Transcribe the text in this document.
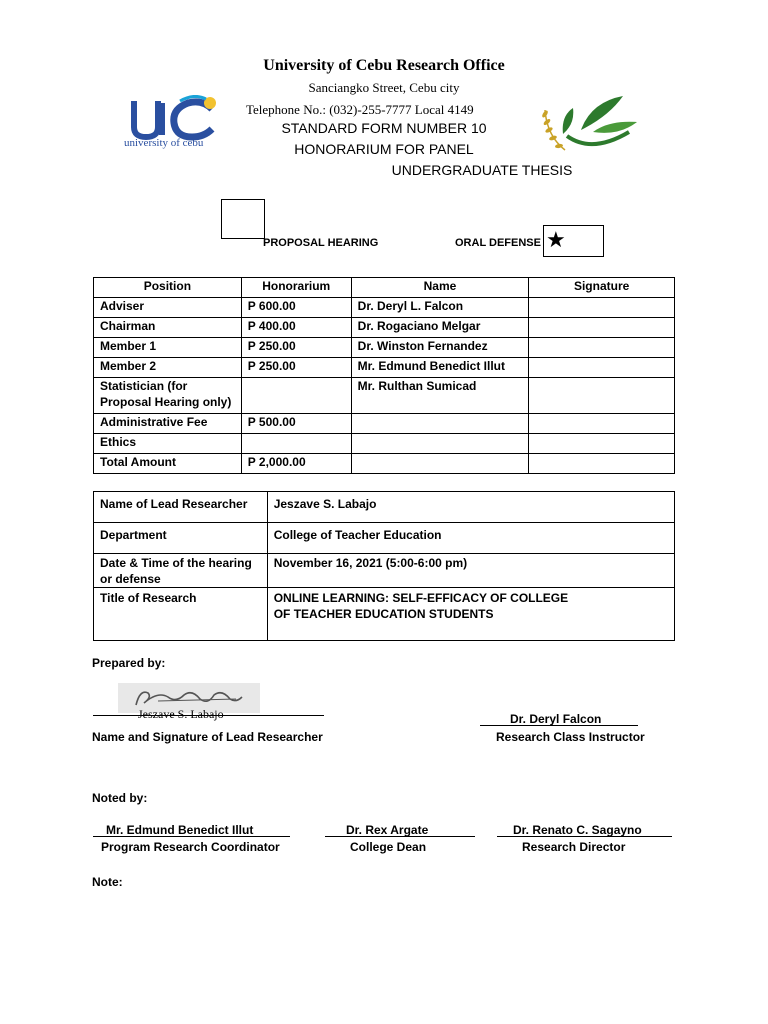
University of Cebu Research Office
Sanciangko Street, Cebu city
Telephone No.: (032)-255-7777 Local 4149
university of cebu
STANDARD FORM NUMBER 10
HONORARIUM FOR PANEL
UNDERGRADUATE THESIS
PROPOSAL HEARING	ORAL DEFENSE ★
Position	Honorarium	Name	Signature
Adviser	P 600.00	Dr. Deryl L. Falcon	
Chairman	P 400.00	Dr. Rogaciano Melgar	
Member 1	P 250.00	Dr. Winston Fernandez	
Member 2	P 250.00	Mr. Edmund Benedict Illut	
Statistician (for Proposal Hearing only)		Mr. Rulthan Sumicad	
Administrative Fee	P 500.00		
Ethics			
Total Amount	P 2,000.00		
Name of Lead Researcher	Jeszave S. Labajo
Department	College of Teacher Education
Date & Time of the hearing or defense	November 16, 2021 (5:00-6:00 pm)
Title of Research	ONLINE LEARNING: SELF-EFFICACY OF COLLEGE OF TEACHER EDUCATION STUDENTS
Prepared by:
Jeszave S. Labajo
Name and Signature of Lead Researcher
Dr. Deryl Falcon
Research Class Instructor
Noted by:
Mr. Edmund Benedict Illut
Program Research Coordinator
Dr. Rex Argate
College Dean
Dr. Renato C. Sagayno
Research Director
Note:
